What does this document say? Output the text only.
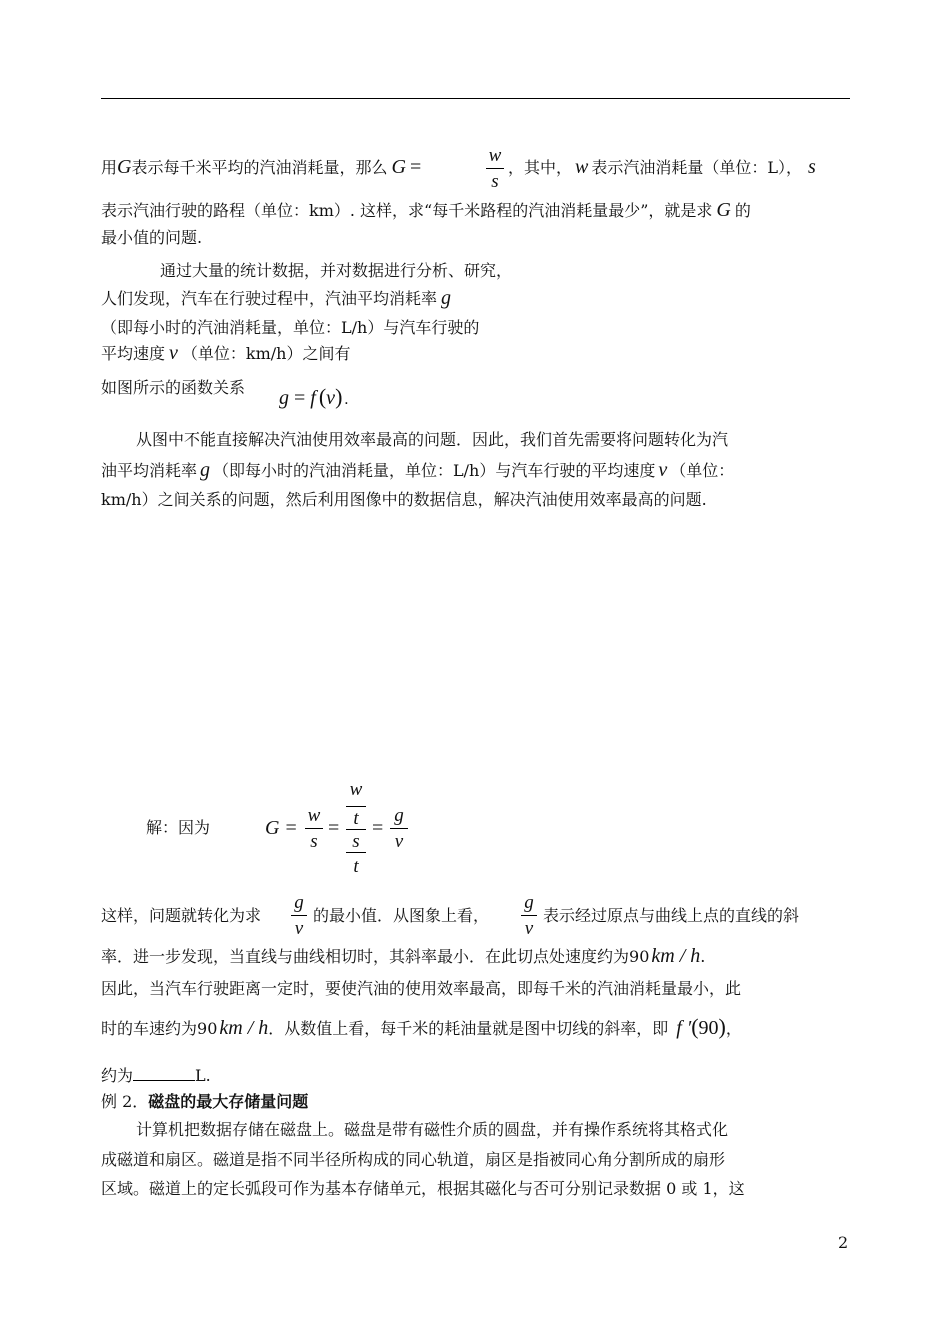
用G表示每千米平均的汽油消耗量，那么 G =
w
s
，其中， w 表示汽油消耗量（单位：L）， s
表示汽油行驶的路程（单位：km）. 这样，求“每千米路程的汽油消耗量最少”，就是求 G 的
最小值的问题.
通过大量的统计数据，并对数据进行分析、研究，
人们发现，汽车在行驶过程中，汽油平均消耗率 g
（即每小时的汽油消耗量，单位：L/h）与汽车行驶的
平均速度 v （单位：km/h）之间有
如图所示的函数关系 g = f (v) .
从图中不能直接解决汽油使用效率最高的问题．因此，我们首先需要将问题转化为汽
油平均消耗率 g （即每小时的汽油消耗量，单位：L/h）与汽车行驶的平均速度 v （单位：
km/h）之间关系的问题，然后利用图像中的数据信息，解决汽油使用效率最高的问题.
解：因为	G =
w
s
=
w
t
s
t
=
g
v
这样，问题就转化为求
g
v
的最小值．从图象上看，
g
v
表示经过原点与曲线上点的直线的斜
率．进一步发现，当直线与曲线相切时，其斜率最小．在此切点处速度约为90 km / h.
因此，当汽车行驶距离一定时，要使汽油的使用效率最高，即每千米的汽油消耗量最小，此
时的车速约为90 km / h．从数值上看，每千米的耗油量就是图中切线的斜率，即 f ′(90)，
约为	L.
例 2．磁盘的最大存储量问题
计算机把数据存储在磁盘上。磁盘是带有磁性介质的圆盘，并有操作系统将其格式化
成磁道和扇区。磁道是指不同半径所构成的同心轨道，扇区是指被同心角分割所成的扇形
区域。磁道上的定长弧段可作为基本存储单元，根据其磁化与否可分别记录数据 0 或 1，这
2
